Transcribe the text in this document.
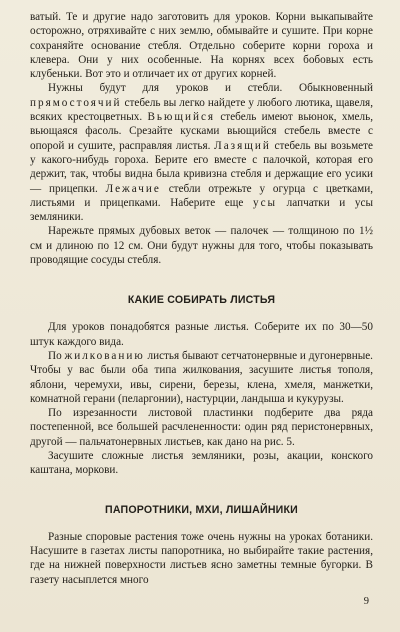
ватый. Те и другие надо заготовить для уроков. Корни выкапывайте осторожно, отряхивайте с них землю, обмывайте и сушите. При корне сохраняйте основание стебля. Отдельно соберите корни гороха и клевера. Они у них особенные. На корнях всех бобовых есть клубеньки. Вот это и отличает их от других корней.

Нужны будут для уроков и стебли. Обыкновенный прямостоячий стебель вы легко найдете у любого лютика, щавеля, всяких крестоцветных. Вьющийся стебель имеют вьюнок, хмель, вьющаяся фасоль. Срезайте кусками вьющийся стебель вместе с опорой и сушите, расправляя листья. Лазящий стебель вы возьмете у какого-нибудь гороха. Берите его вместе с палочкой, которая его держит, так, чтобы видна была кривизна стебля и держащие его усики — прицепки. Лежачие стебли отрежьте у огурца с цветками, листьями и прицепками. Наберите еще усы лапчатки и усы земляники.

Нарежьте прямых дубовых веток — палочек — толщиною по 1½ см и длиною по 12 см. Они будут нужны для того, чтобы показывать проводящие сосуды стебля.

КАКИЕ СОБИРАТЬ ЛИСТЬЯ

Для уроков понадобятся разные листья. Соберите их по 30—50 штук каждого вида.

По жилкованию листья бывают сетчатонервные и дугонервные. Чтобы у вас были оба типа жилкования, засушите листья тополя, яблони, черемухи, ивы, сирени, березы, клена, хмеля, манжетки, комнатной герани (пеларгонии), настурции, ландыша и кукурузы.

По изрезанности листовой пластинки подберите два ряда постепенной, все большей расчлененности: один ряд перистонервных, другой — пальчатонервных листьев, как дано на рис. 5.

Засушите сложные листья земляники, розы, акации, конского каштана, моркови.

ПАПОРОТНИКИ, МХИ, ЛИШАЙНИКИ

Разные споровые растения тоже очень нужны на уроках ботаники. Насушите в газетах листы папоротника, но выбирайте такие растения, где на нижней поверхности листьев ясно заметны темные бугорки. В газету насыплется много

9
